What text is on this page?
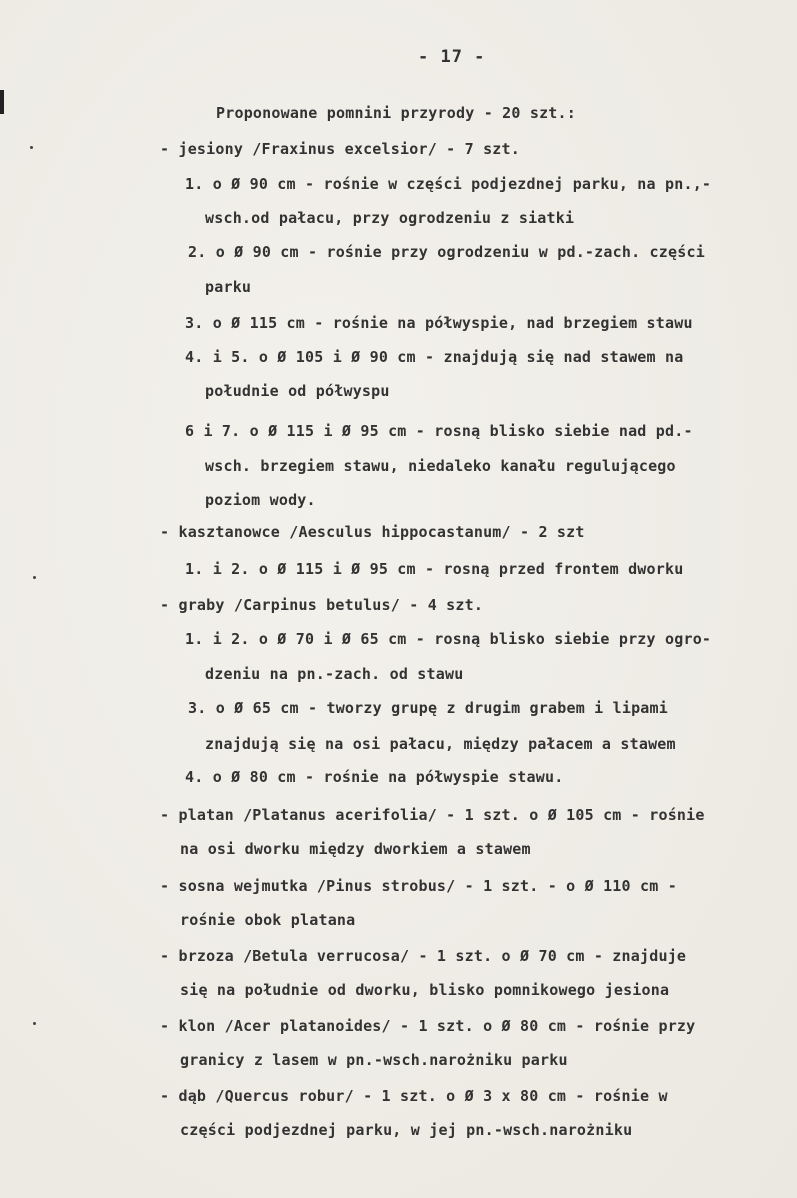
- 17 -
Proponowane pomnini przyrody - 20 szt.:
- jesiony /Fraxinus excelsior/ - 7 szt.
1. o Ø 90 cm - rośnie w części podjezdnej parku, na pn.,-
wsch.od pałacu, przy ogrodzeniu z siatki
2. o Ø 90 cm - rośnie przy ogrodzeniu w pd.-zach. części
parku
3. o Ø 115 cm - rośnie na półwyspie, nad brzegiem stawu
4. i 5. o Ø 105 i Ø 90 cm - znajdują się nad stawem na
południe od półwyspu
6 i 7. o Ø 115 i Ø 95 cm - rosną blisko siebie nad pd.-
wsch. brzegiem stawu, niedaleko kanału regulującego
poziom wody.
- kasztanowce /Aesculus hippocastanum/ - 2 szt
1. i 2. o Ø 115 i Ø 95 cm - rosną przed frontem dworku
- graby /Carpinus betulus/ - 4 szt.
1. i 2. o Ø 70 i Ø 65 cm - rosną blisko siebie przy ogro-
dzeniu na pn.-zach. od stawu
3. o Ø 65 cm - tworzy grupę z drugim grabem i lipami
znajdują się na osi pałacu, między pałacem a stawem
4. o Ø 80 cm - rośnie na półwyspie stawu.
- platan /Platanus acerifolia/ - 1 szt. o Ø 105 cm - rośnie
na osi dworku między dworkiem a stawem
- sosna wejmutka /Pinus strobus/ - 1 szt. - o Ø 110 cm -
rośnie obok platana
- brzoza /Betula verrucosa/ - 1 szt. o Ø 70 cm - znajduje
się na południe od dworku, blisko pomnikowego jesiona
- klon /Acer platanoides/ - 1 szt. o Ø 80 cm - rośnie przy
granicy z lasem w pn.-wsch.narożniku parku
- dąb /Quercus robur/ - 1 szt. o Ø 3 x 80 cm - rośnie w
części podjezdnej parku, w jej pn.-wsch.narożniku
